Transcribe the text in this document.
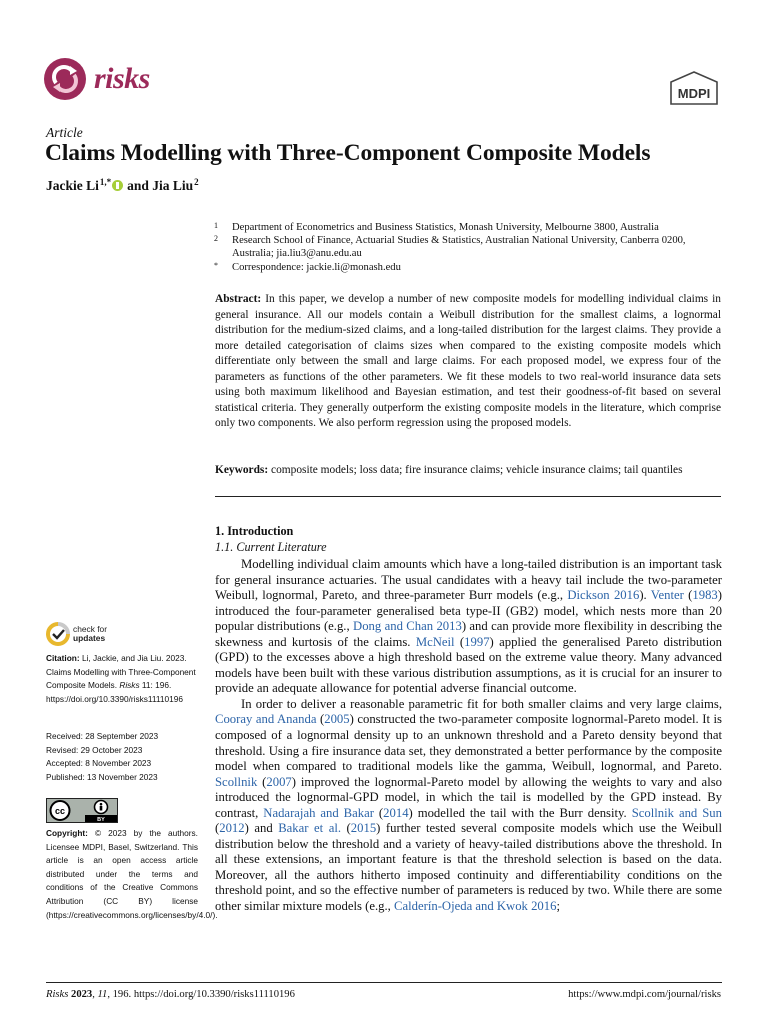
risks	MDPI
Article
Claims Modelling with Three-Component Composite Models
Jackie $Li^{1,*}$ and
Jia Liu$^2$
1 Department of Econometrics and Business Statistics, Monash University, Melbourne 3800, Australia
2 Research School of Finance, Actuarial Studies & Statistics, Australian National University, Canberra 0200, Australia; jia.liu3@anu.edu.au
* Correspondence: jackie.li@monash.edu
Abstract: In this paper, we develop a number of new composite models for modelling individual claims in general insurance. All our models contain a Weibull distribution for the smallest claims, a lognormal distribution for the medium-sized claims, and a long-tailed distribution for the largest claims. They provide a more detailed categorisation of claims sizes when compared to the existing composite models which differentiate only between the small and large claims. For each proposed model, we express four of the parameters as functions of the other parameters. We fit these models to two real-world insurance data sets using both maximum likelihood and Bayesian estimation, and test their goodness-of-fit based on several statistical criteria. They generally outperform the existing composite models in the literature, which comprise only two components. We also perform regression using the proposed models.
Keywords: composite models; loss data; fire insurance claims; vehicle insurance claims; tail quantiles
1. Introduction
1.1. Current Literature

Modelling individual claim amounts which have a long-tailed distribution is an important task for general insurance actuaries. The usual candidates with a heavy tail include the two-parameter Weibull, lognormal, Pareto, and three-parameter Burr models (e.g., Dickson 2016). Venter (1983) introduced the four-parameter generalised beta type-II (GB2) model, which nests more than 20 popular distributions (e.g., Dong and Chan 2013) and can provide more flexibility in describing the skewness and kurtosis of the claims. McNeil (1997) applied the generalised Pareto distribution (GPD) to the excesses above a high threshold based on the extreme value theory. Many advanced models have been built with these various distribution assumptions, as it is crucial for an insurer to provide an adequate allowance for potential adverse financial outcome.

In order to deliver a reasonable parametric fit for both smaller claims and very large claims, Cooray and Ananda (2005) constructed the two-parameter composite lognormal-Pareto model. It is composed of a lognormal density up to an unknown threshold and a Pareto density beyond that threshold. Using a fire insurance data set, they demonstrated a better performance by the composite model when compared to traditional models like the gamma, Weibull, lognormal, and Pareto. Scollnik (2007) improved the lognormal-Pareto model by allowing the weights to vary and also introduced the lognormal-GPD model, in which the tail is modelled by the GPD instead. By contrast, Nadarajah and Bakar (2014) modelled the tail with the Burr density. Scollnik and Sun (2012) and Bakar et al. (2015) further tested several composite models which use the Weibull distribution below the threshold and a variety of heavy-tailed distributions above the threshold. In all these extensions, an important feature is that the threshold selection is based on the data. Moreover, all the authors hitherto imposed continuity and differentiability conditions on the threshold point, and so the effective number of parameters is reduced by two. While there are some other similar mixture models (e.g., Calderín-Ojeda and Kwok 2016;

check for
updates
Citation: Li, Jackie, and Jia Liu. 2023. Claims Modelling with Three-Component Composite Models. Risks 11: 196. https://doi.org/10.3390/risks11110196
Received: 28 September 2023
Revised: 29 October 2023
Accepted: 8 November 2023
Published: 13 November 2023
cc
BY
Copyright: © 2023 by the authors. Licensee MDPI, Basel, Switzerland. This article is an open access article distributed under the terms and conditions of the Creative Commons Attribution (CC BY) license (https://creativecommons.org/licenses/by/4.0/).
Risks 2023, 11, 196. https://doi.org/10.3390/risks11110196	https://www.mdpi.com/journal/risks
